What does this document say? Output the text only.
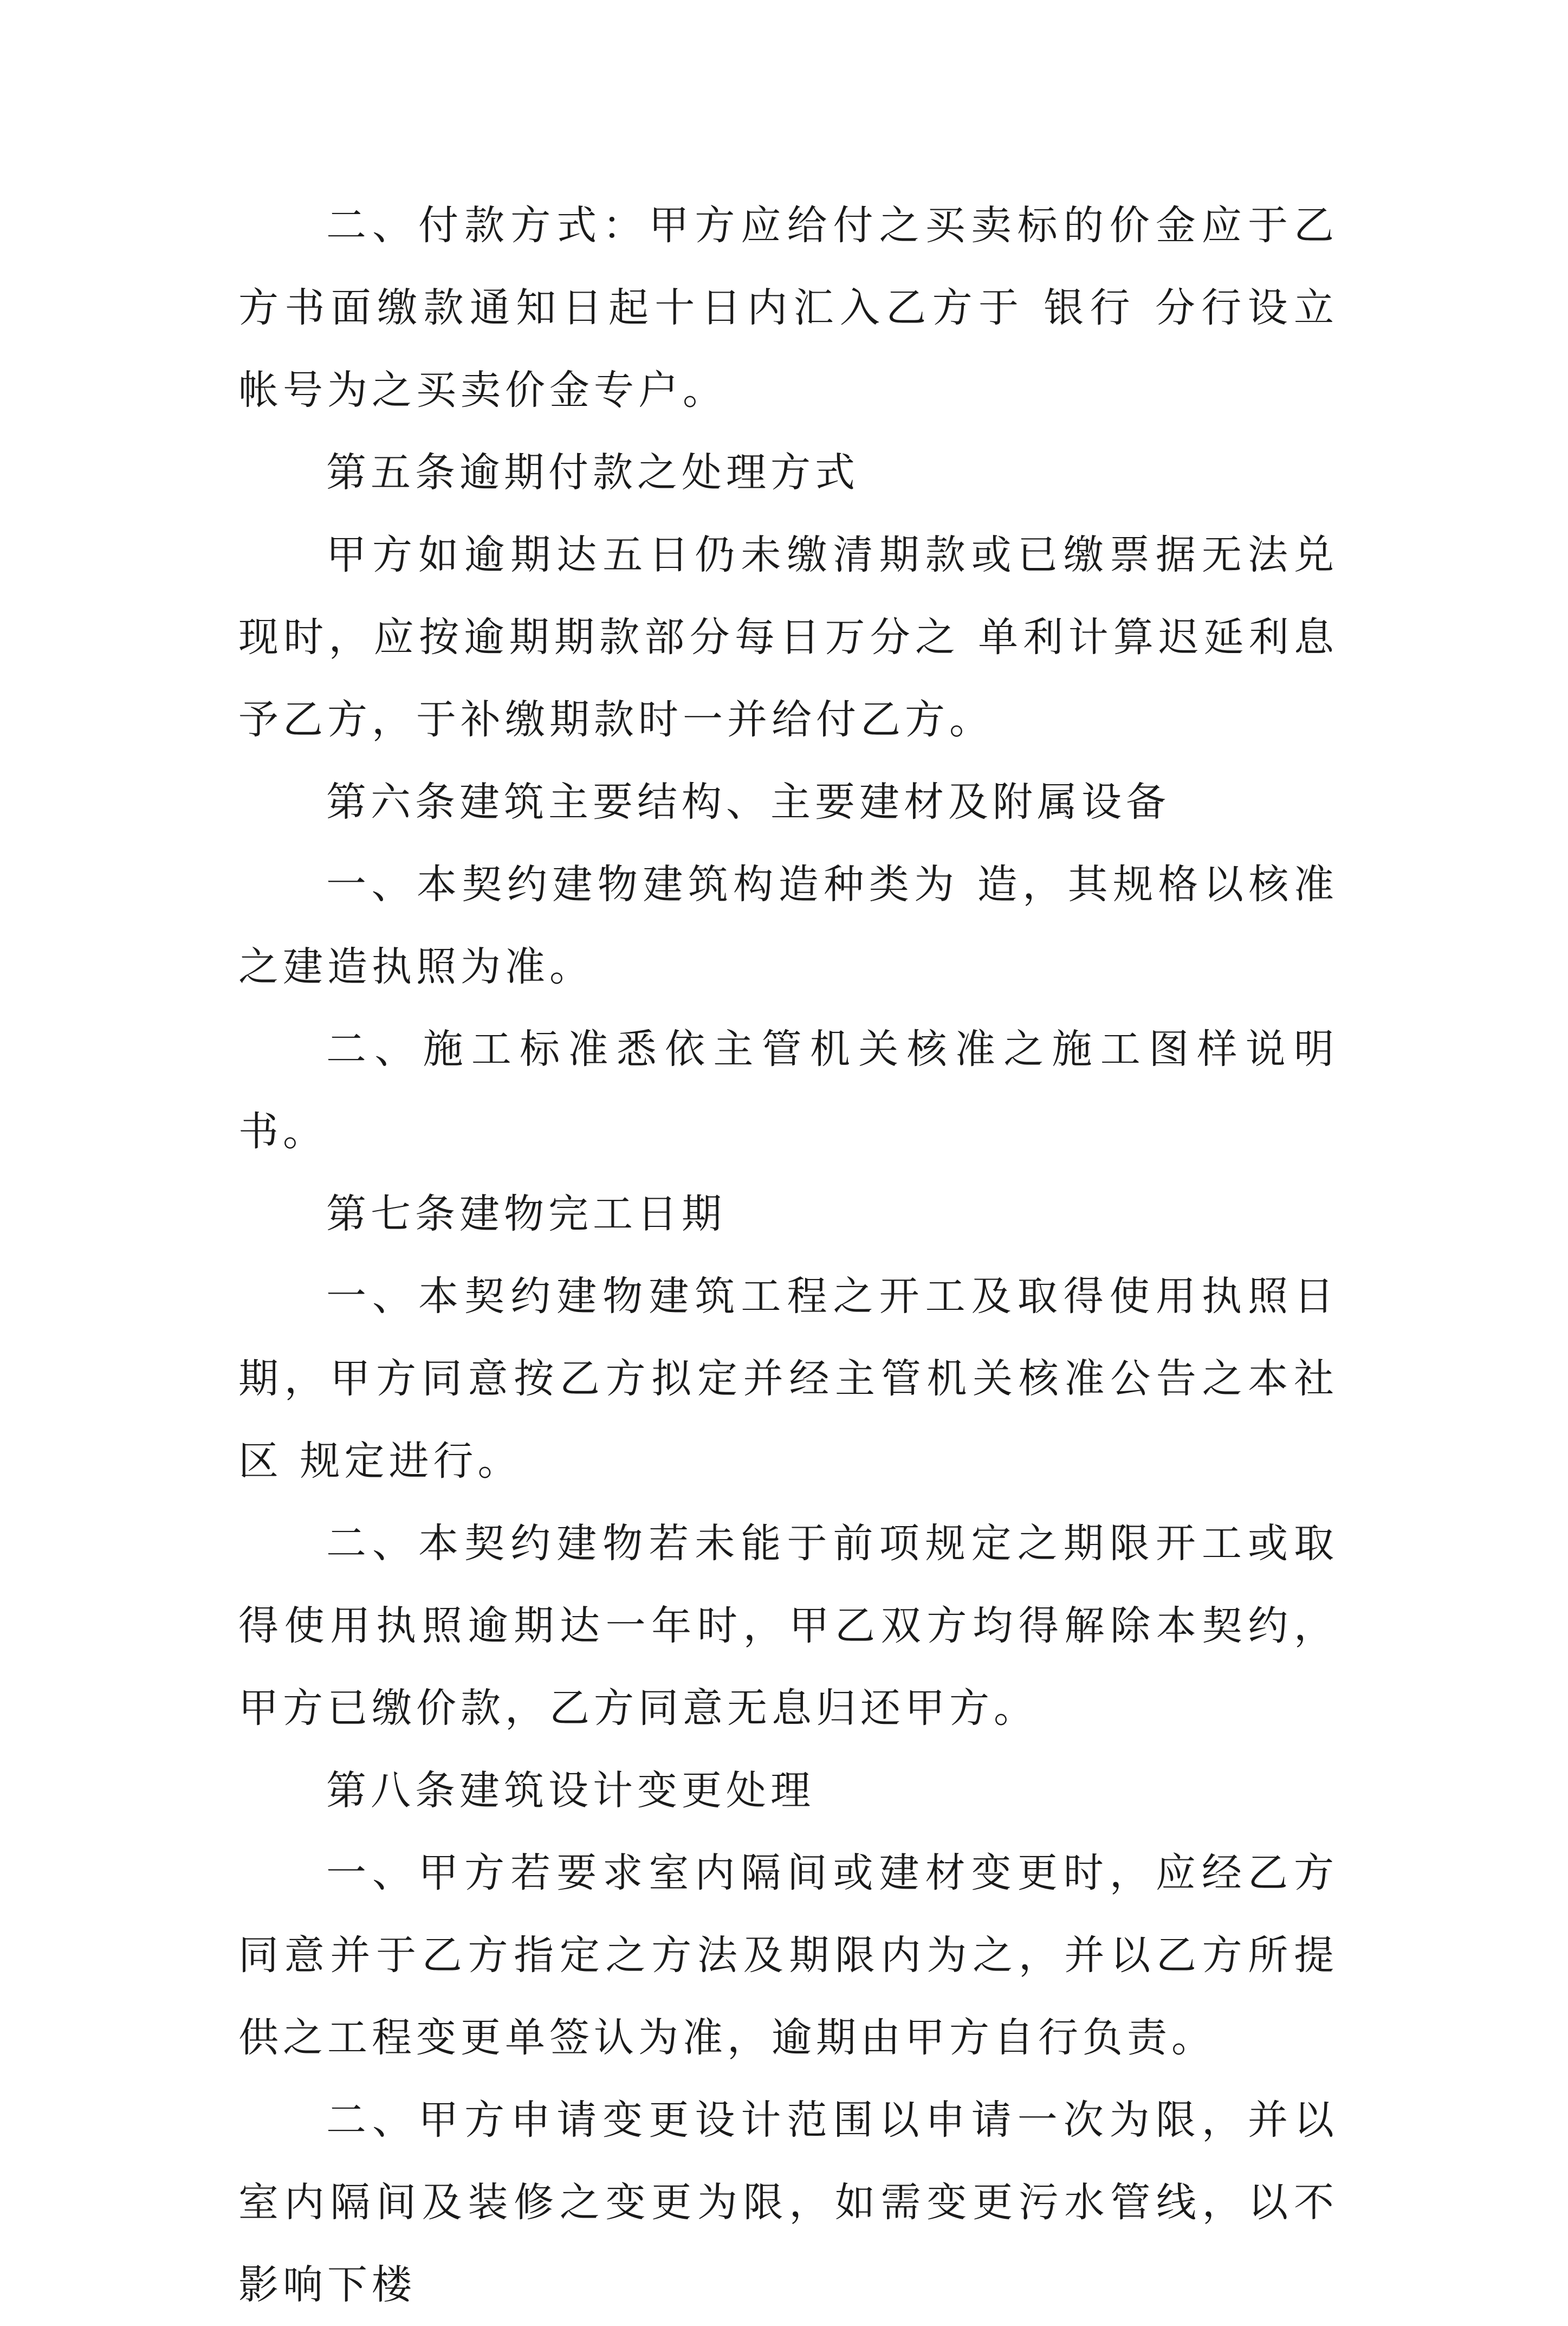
二、付款方式：甲方应给付之买卖标的价金应于乙方书面缴款通知日起十日内汇入乙方于 银行 分行设立帐号为之买卖价金专户。

第五条逾期付款之处理方式

甲方如逾期达五日仍未缴清期款或已缴票据无法兑现时，应按逾期期款部分每日万分之 单利计算迟延利息予乙方，于补缴期款时一并给付乙方。

第六条建筑主要结构、主要建材及附属设备

一、本契约建物建筑构造种类为 造，其规格以核准之建造执照为准。

二、施工标准悉依主管机关核准之施工图样说明书。

第七条建物完工日期

一、本契约建物建筑工程之开工及取得使用执照日期，甲方同意按乙方拟定并经主管机关核准公告之本社区 规定进行。

二、本契约建物若未能于前项规定之期限开工或取得使用执照逾期达一年时，甲乙双方均得解除本契约，甲方已缴价款，乙方同意无息归还甲方。

第八条建筑设计变更处理

一、甲方若要求室内隔间或建材变更时，应经乙方同意并于乙方指定之方法及期限内为之，并以乙方所提供之工程变更单签认为准，逾期由甲方自行负责。

二、甲方申请变更设计范围以申请一次为限，并以室内隔间及装修之变更为限，如需变更污水管线，以不影响下楼
